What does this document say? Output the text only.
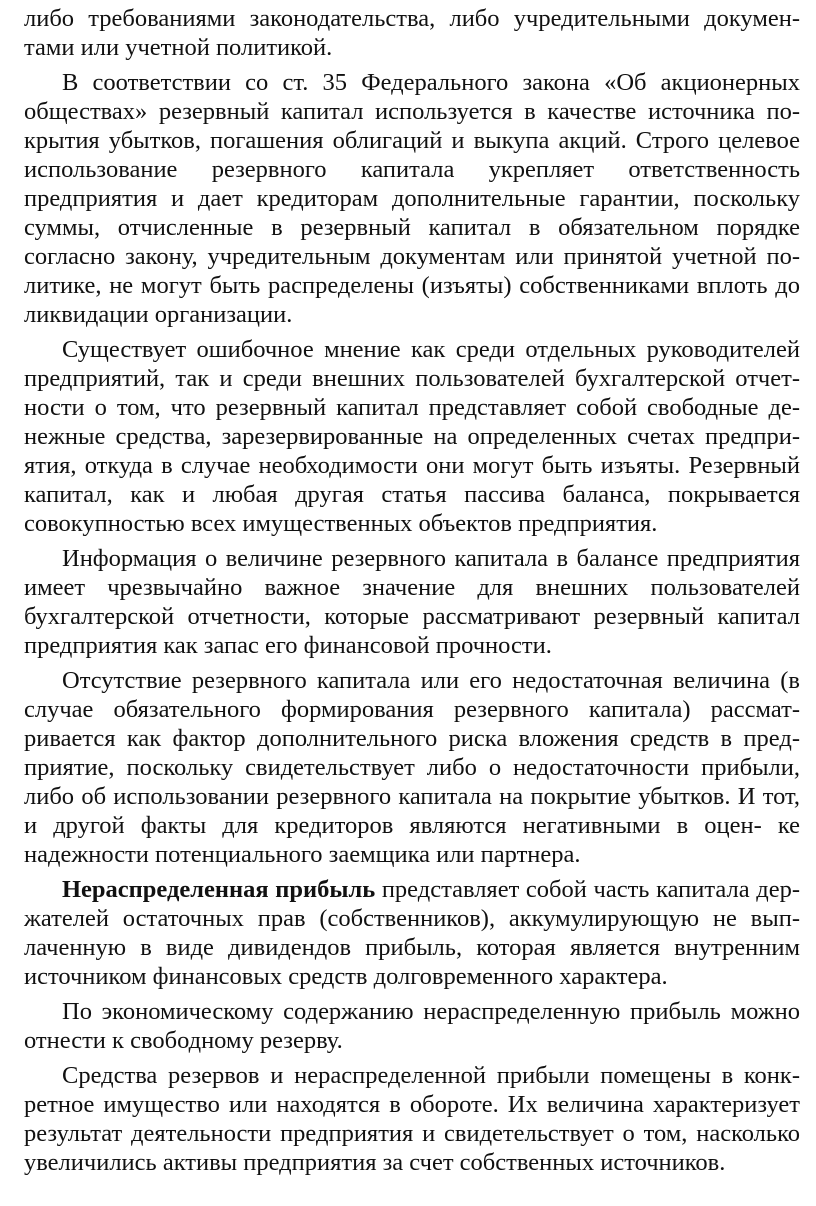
либо требованиями законодательства, либо учредительными документами или учетной политикой.

В соответствии со ст. 35 Федерального закона «Об акционерных обществах» резервный капитал используется в качестве источника покрытия убытков, погашения облигаций и выкупа акций. Строго целевое использование резервного капитала укрепляет ответственность предприятия и дает кредиторам дополнительные гарантии, поскольку суммы, отчисленные в резервный капитал в обязательном порядке согласно закону, учредительным документам или принятой учетной политике, не могут быть распределены (изъяты) собственниками вплоть до ликвидации организации.

Существует ошибочное мнение как среди отдельных руководителей предприятий, так и среди внешних пользователей бухгалтерской отчетности о том, что резервный капитал представляет собой свободные денежные средства, зарезервированные на определенных счетах предприятия, откуда в случае необходимости они могут быть изъяты. Резервный капитал, как и любая другая статья пассива баланса, покрывается совокупностью всех имущественных объектов предприятия.

Информация о величине резервного капитала в балансе предприятия имеет чрезвычайно важное значение для внешних пользователей бухгалтерской отчетности, которые рассматривают резервный капитал предприятия как запас его финансовой прочности.

Отсутствие резервного капитала или его недостаточная величина (в случае обязательного формирования резервного капитала) рассматривается как фактор дополнительного риска вложения средств в предприятие, поскольку свидетельствует либо о недостаточности прибыли, либо об использовании резервного капитала на покрытие убытков. И тот, и другой факты для кредиторов являются негативными в оцен- ке надежности потенциального заемщика или партнера.

Нераспределенная прибыль представляет собой часть капитала держателей остаточных прав (собственников), аккумулирующую не выплаченную в виде дивидендов прибыль, которая является внутренним источником финансовых средств долговременного характера.

По экономическому содержанию нераспределенную прибыль можно отнести к свободному резерву.

Средства резервов и нераспределенной прибыли помещены в конкретное имущество или находятся в обороте. Их величина характеризует результат деятельности предприятия и свидетельствует о том, насколько увеличились активы предприятия за счет собственных источников.
